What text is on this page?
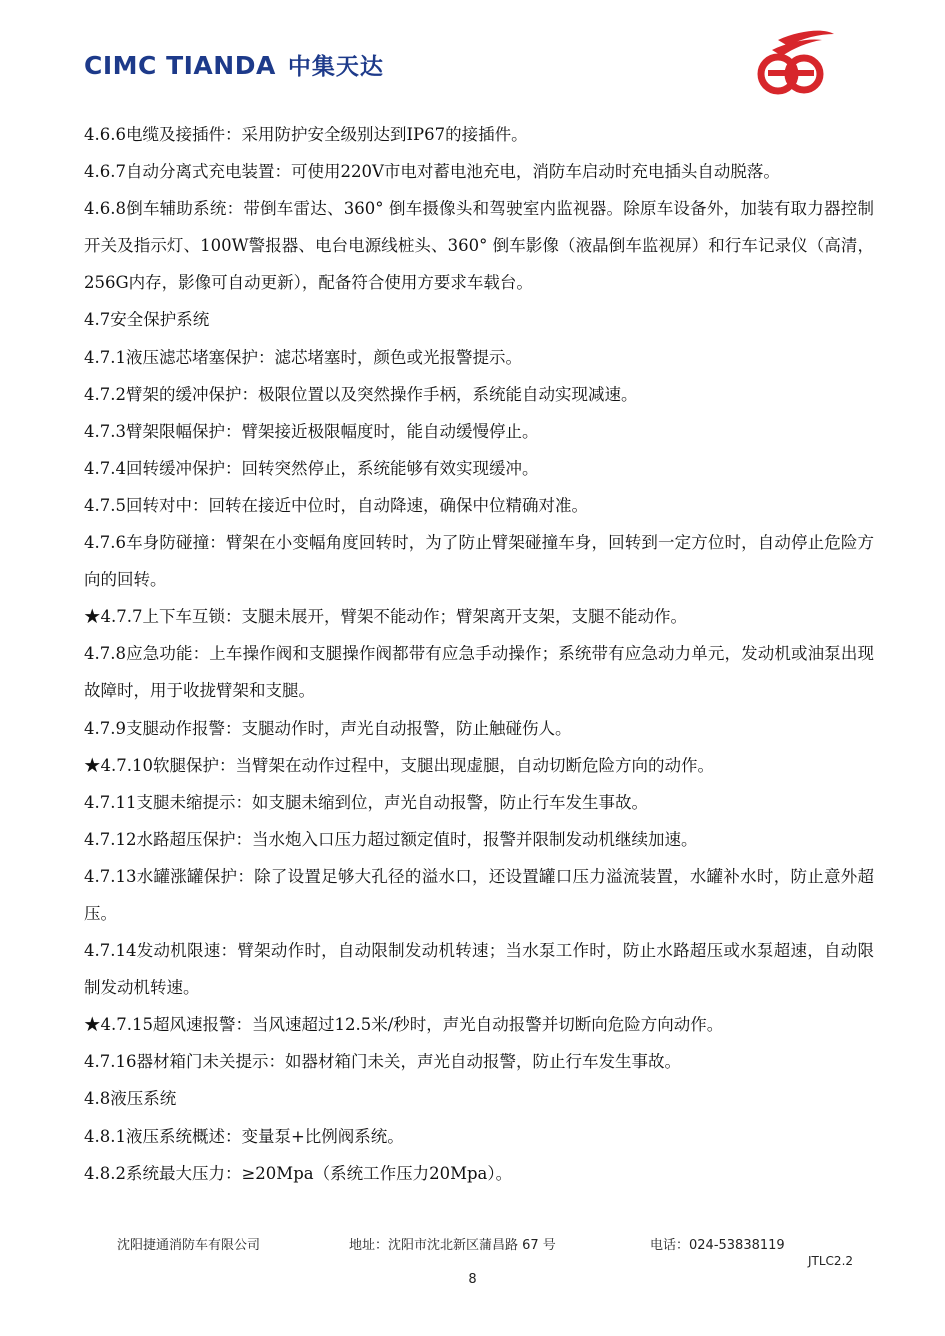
CIMC TIANDA 中集天达

4.6.6电缆及接插件：采用防护安全级别达到IP67的接插件。

4.6.7自动分离式充电装置：可使用220V市电对蓄电池充电，消防车启动时充电插头自动脱落。

4.6.8倒车辅助系统：带倒车雷达、360° 倒车摄像头和驾驶室内监视器。除原车设备外，加装有取力器控制开关及指示灯、100W警报器、电台电源线桩头、360° 倒车影像（液晶倒车监视屏）和行车记录仪（高清，256G内存，影像可自动更新），配备符合使用方要求车载台。

4.7安全保护系统

4.7.1液压滤芯堵塞保护：滤芯堵塞时，颜色或光报警提示。

4.7.2臂架的缓冲保护：极限位置以及突然操作手柄，系统能自动实现减速。

4.7.3臂架限幅保护：臂架接近极限幅度时，能自动缓慢停止。

4.7.4回转缓冲保护：回转突然停止，系统能够有效实现缓冲。

4.7.5回转对中：回转在接近中位时，自动降速，确保中位精确对准。

4.7.6车身防碰撞：臂架在小变幅角度回转时，为了防止臂架碰撞车身，回转到一定方位时，自动停止危险方向的回转。

★4.7.7上下车互锁：支腿未展开，臂架不能动作；臂架离开支架，支腿不能动作。

4.7.8应急功能：上车操作阀和支腿操作阀都带有应急手动操作；系统带有应急动力单元，发动机或油泵出现故障时，用于收拢臂架和支腿。

4.7.9支腿动作报警：支腿动作时，声光自动报警，防止触碰伤人。

★4.7.10软腿保护：当臂架在动作过程中，支腿出现虚腿，自动切断危险方向的动作。

4.7.11支腿未缩提示：如支腿未缩到位，声光自动报警，防止行车发生事故。

4.7.12水路超压保护：当水炮入口压力超过额定值时，报警并限制发动机继续加速。

4.7.13水罐涨罐保护：除了设置足够大孔径的溢水口，还设置罐口压力溢流装置，水罐补水时，防止意外超压。

4.7.14发动机限速：臂架动作时，自动限制发动机转速；当水泵工作时，防止水路超压或水泵超速，自动限制发动机转速。

★4.7.15超风速报警：当风速超过12.5米/秒时，声光自动报警并切断向危险方向动作。

4.7.16器材箱门未关提示：如器材箱门未关，声光自动报警，防止行车发生事故。

4.8液压系统

4.8.1液压系统概述：变量泵+比例阀系统。

4.8.2系统最大压力：≥20Mpa（系统工作压力20Mpa）。

沈阳捷通消防车有限公司	地址：沈阳市沈北新区蒲昌路 67 号	电话：024-53838119
JTLC2.2
8
